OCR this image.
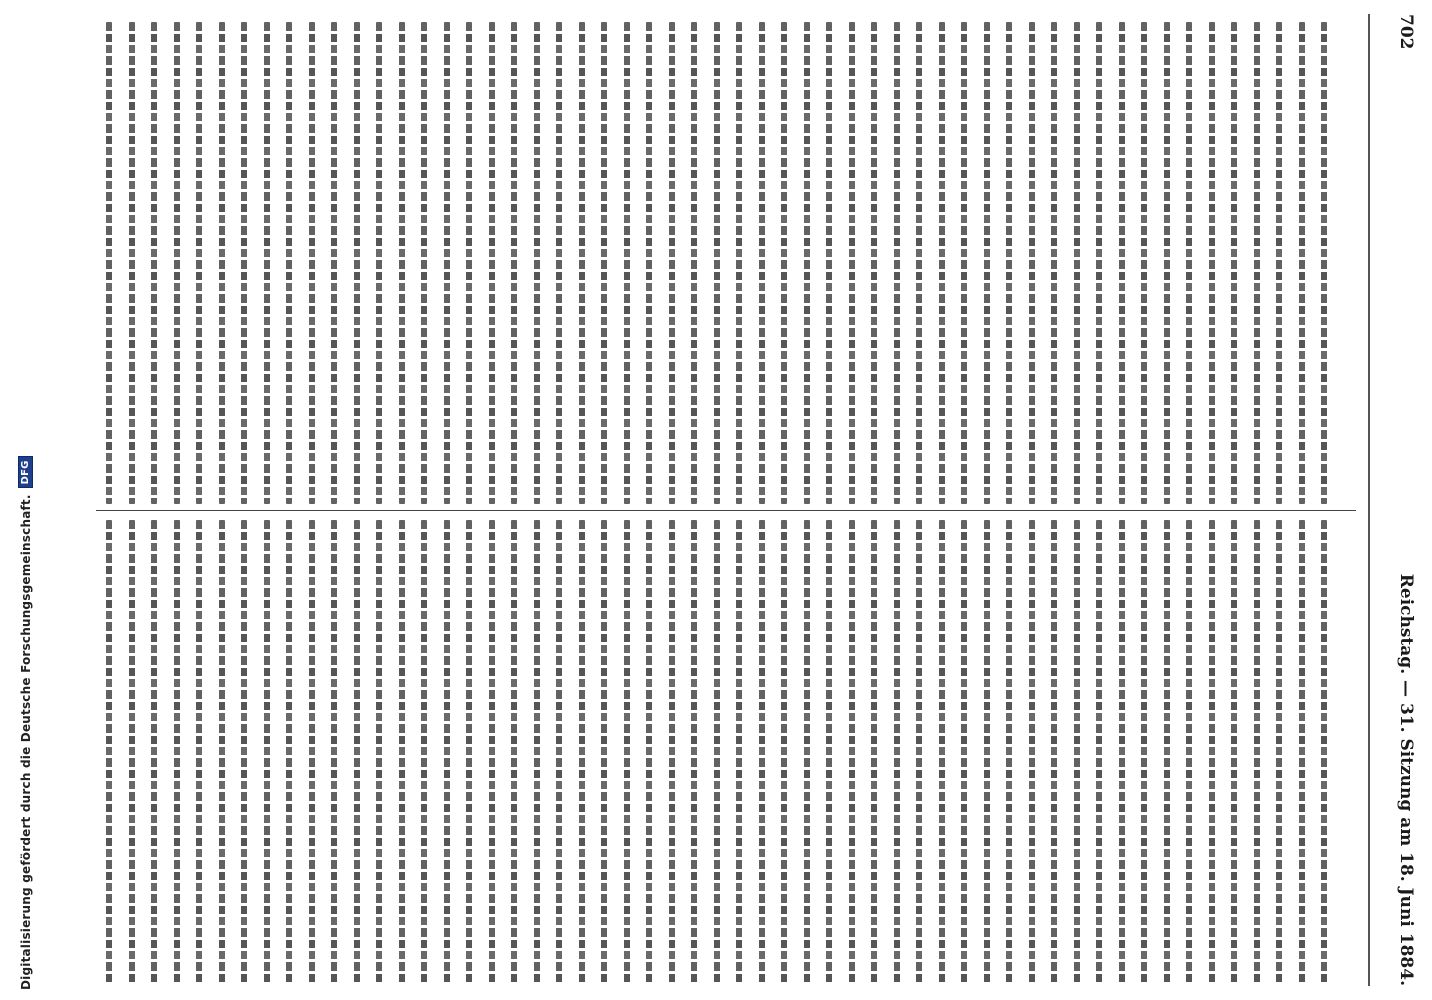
Digitalisierung gefördert durch die Deutsche Forschungsgemeinschaft.
DFG
702
Reichstag. — 31. Sitzung am 18. Juni 1884.
